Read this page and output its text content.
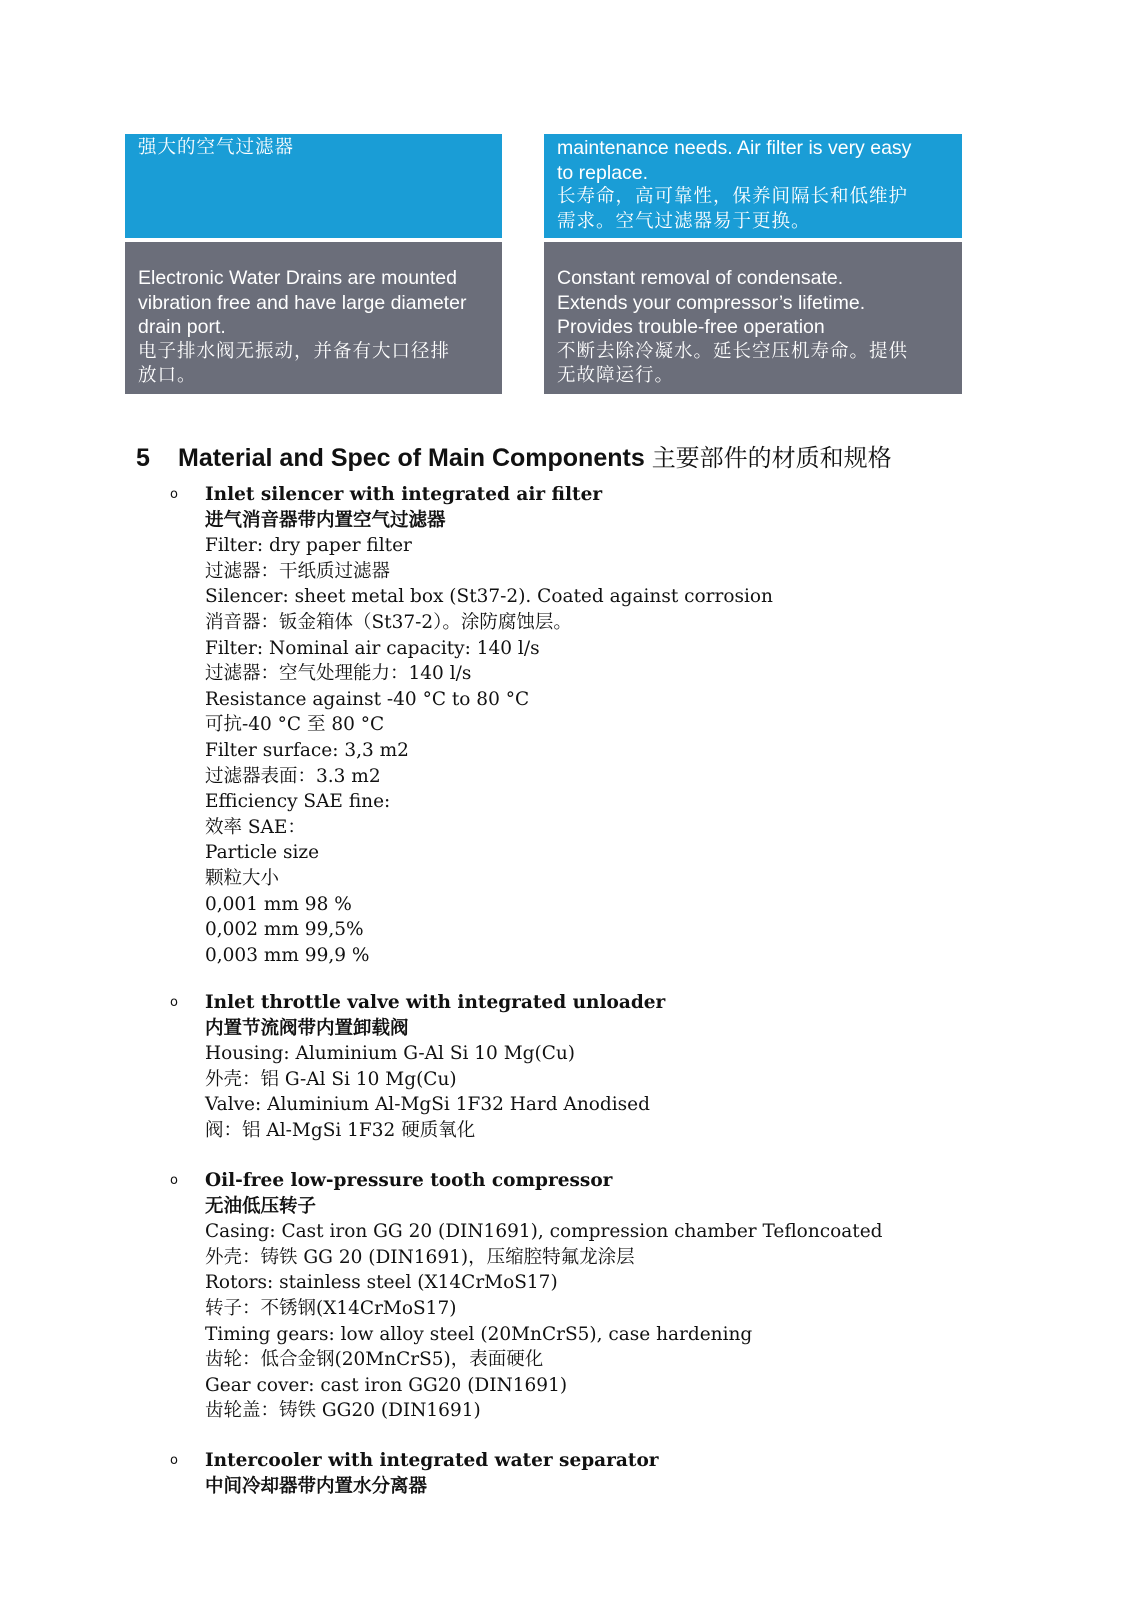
强大的空气过滤器	maintenance needs. Air filter is very easy
to replace.
长寿命，高可靠性，保养间隔长和低维护
需求。空气过滤器易于更换。
Electronic Water Drains are mounted
vibration free and have large diameter
drain port.
电子排水阀无振动，并备有大口径排
放口。
Constant removal of condensate.
Extends your compressor’s lifetime.
Provides trouble-free operation
不断去除冷凝水。延长空压机寿命。提供
无故障运行。
5 Material and Spec of Main Components 主要部件的材质和规格
o Inlet silencer with integrated air filter
进气消音器带内置空气过滤器
Filter: dry paper filter
过滤器：干纸质过滤器
Silencer: sheet metal box (St37-2). Coated against corrosion
消音器：钣金箱体（St37-2）。涂防腐蚀层。
Filter: Nominal air capacity: 140 l/s
过滤器：空气处理能力：140 l/s
Resistance against -40 °C to 80 °C
可抗-40 °C 至 80 °C
Filter surface: 3,3 m2
过滤器表面：3.3 m2
Efficiency SAE fine:
效率 SAE：
Particle size
颗粒大小
0,001 mm 98 %
0,002 mm 99,5%
0,003 mm 99,9 %
o Inlet throttle valve with integrated unloader
内置节流阀带内置卸载阀
Housing: Aluminium G-Al Si 10 Mg(Cu)
外壳：铝 G-Al Si 10 Mg(Cu)
Valve: Aluminium Al-MgSi 1F32 Hard Anodised
阀：铝 Al-MgSi 1F32 硬质氧化
o Oil-free low-pressure tooth compressor
无油低压转子
Casing: Cast iron GG 20 (DIN1691), compression chamber Tefloncoated
外壳：铸铁 GG 20 (DIN1691)，压缩腔特氟龙涂层
Rotors: stainless steel (X14CrMoS17)
转子：不锈钢(X14CrMoS17)
Timing gears: low alloy steel (20MnCrS5), case hardening
齿轮：低合金钢(20MnCrS5)，表面硬化
Gear cover: cast iron GG20 (DIN1691)
齿轮盖：铸铁 GG20 (DIN1691)
o Intercooler with integrated water separator
中间冷却器带内置水分离器
